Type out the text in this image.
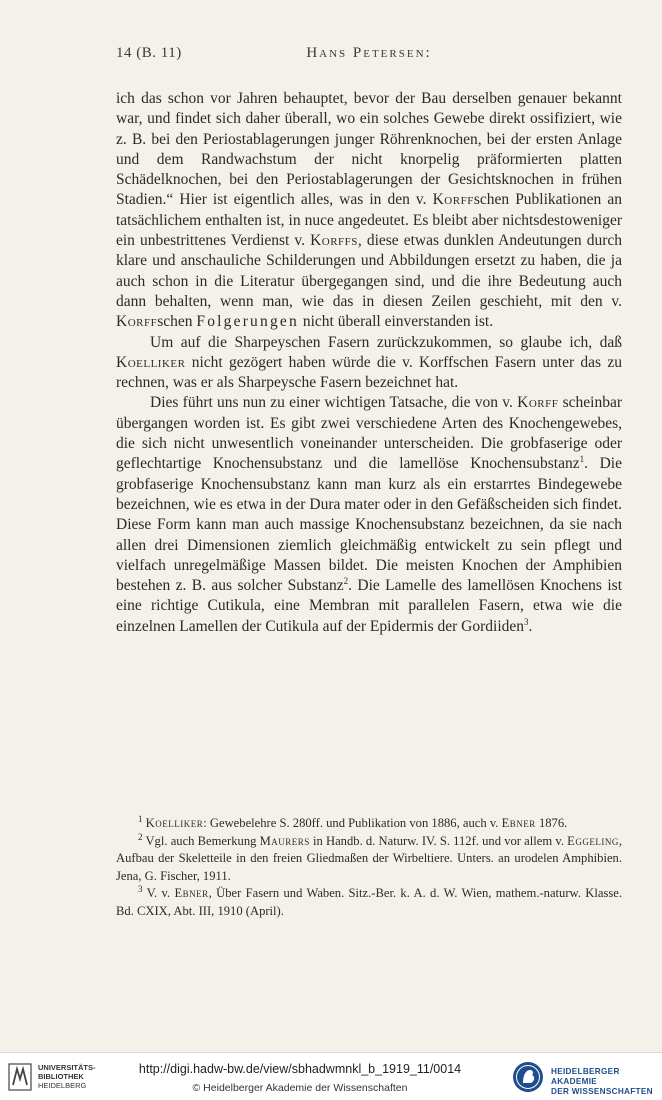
14 (B. 11)	Hans Petersen:

ich das schon vor Jahren behauptet, bevor der Bau derselben genauer bekannt war, und findet sich daher überall, wo ein solches Gewebe direkt ossifiziert, wie z. B. bei den Periostablagerungen junger Röhrenknochen, bei der ersten Anlage und dem Randwachstum der nicht knorpelig präformierten platten Schädelknochen, bei den Periostablagerungen der Gesichtsknochen in frühen Stadien.“ Hier ist eigentlich alles, was in den v. Korffschen Publikationen an tatsächlichem enthalten ist, in nuce angedeutet. Es bleibt aber nichtsdestoweniger ein unbestrittenes Verdienst v. Korffs, diese etwas dunklen Andeutungen durch klare und anschauliche Schilderungen und Abbildungen ersetzt zu haben, die ja auch schon in die Literatur übergegangen sind, und die ihre Bedeutung auch dann behalten, wenn man, wie das in diesen Zeilen geschieht, mit den v. Korffschen Folgerungen nicht überall einverstanden ist.

Um auf die Sharpeyschen Fasern zurückzukommen, so glaube ich, daß Koelliker nicht gezögert haben würde die v. Korffschen Fasern unter das zu rechnen, was er als Sharpeysche Fasern bezeichnet hat.

Dies führt uns nun zu einer wichtigen Tatsache, die von v. Korff scheinbar übergangen worden ist. Es gibt zwei verschiedene Arten des Knochengewebes, die sich nicht unwesentlich voneinander unterscheiden. Die grobfaserige oder geflechtartige Knochensubstanz und die lamellöse Knochensubstanz$^1$. Die grobfaserige Knochensubstanz kann man kurz als ein erstarrtes Bindegewebe bezeichnen, wie es etwa in der Dura mater oder in den Gefäßscheiden sich findet. Diese Form kann man auch massige Knochensubstanz bezeichnen, da sie nach allen drei Dimensionen ziemlich gleichmäßig entwickelt zu sein pflegt und vielfach unregelmäßige Massen bildet. Die meisten Knochen der Amphibien bestehen z. B. aus solcher Substanz$^2$. Die Lamelle des lamellösen Knochens ist eine richtige Cutikula, eine Membran mit parallelen Fasern, etwa wie die einzelnen Lamellen der Cutikula auf der Epidermis der Gordiiden$^3$.

$^1$ Koelliker: Gewebelehre S. 280ff. und Publikation von 1886, auch v. Ebner 1876.

$^2$ Vgl. auch Bemerkung Maurers in Handb. d. Naturw. IV. S. 112f. und vor allem v. Eggeling, Aufbau der Skeletteile in den freien Gliedmaßen der Wirbeltiere. Unters. an urodelen Amphibien. Jena, G. Fischer, 1911.

$^3$ V. v. Ebner, Über Fasern und Waben. Sitz.-Ber. k. A. d. W. Wien, mathem.-naturw. Klasse. Bd. CXIX, Abt. III, 1910 (April).

UNIVERSITÄTS-
BIBLIOTHEK
HEIDELBERG
http://digi.hadw-bw.de/view/sbhadwmnkl_b_1919_11/0014
© Heidelberger Akademie der Wissenschaften
HEIDELBERGER AKADEMIE
DER WISSENSCHAFTEN
